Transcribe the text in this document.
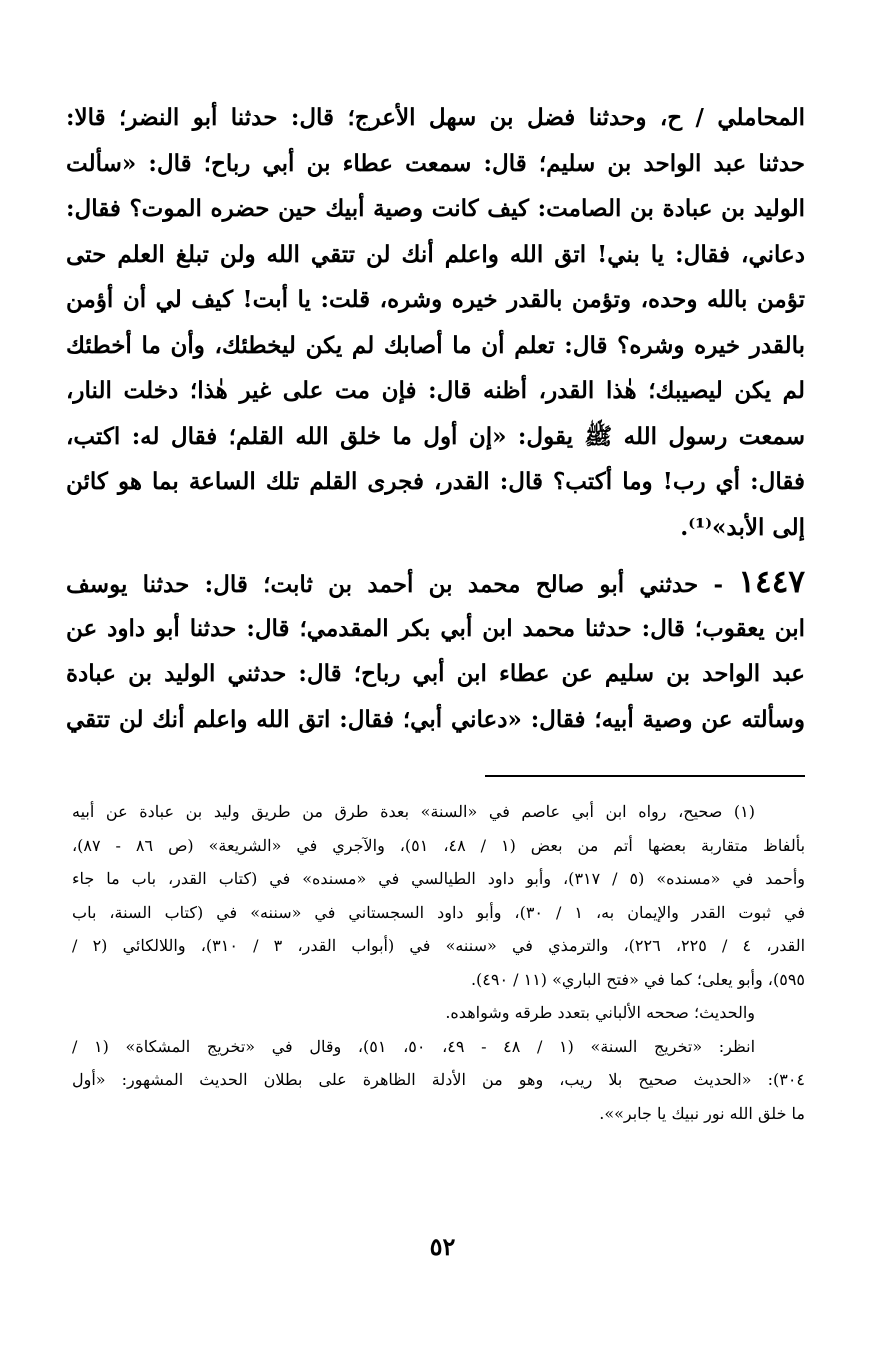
المحاملي / ح، وحدثنا فضل بن سهل الأعرج؛ قال: حدثنا أبو النضر؛ قالا:
حدثنا عبد الواحد بن سليم؛ قال: سمعت عطاء بن أبي رباح؛ قال: «سألت
الوليد بن عبادة بن الصامت: كيف كانت وصية أبيك حين حضره الموت؟ فقال:
دعاني، فقال: يا بني! اتق الله واعلم أنك لن تتقي الله ولن تبلغ العلم حتى
تؤمن بالله وحده، وتؤمن بالقدر خيره وشره، قلت: يا أبت! كيف لي أن أؤمن
بالقدر خيره وشره؟ قال: تعلم أن ما أصابك لم يكن ليخطئك، وأن ما أخطئك
لم يكن ليصيبك؛ هٰذا القدر، أظنه قال: فإن مت على غير هٰذا؛ دخلت النار،
سمعت رسول الله ﷺ يقول: «إن أول ما خلق الله القلم؛ فقال له: اكتب،
فقال: أي رب! وما أكتب؟ قال: القدر، فجرى القلم تلك الساعة بما هو كائن
إلى الأبد»⁽¹⁾.
١٤٤٧ - حدثني أبو صالح محمد بن أحمد بن ثابت؛ قال: حدثنا يوسف
ابن يعقوب؛ قال: حدثنا محمد ابن أبي بكر المقدمي؛ قال: حدثنا أبو داود عن
عبد الواحد بن سليم عن عطاء ابن أبي رباح؛ قال: حدثني الوليد بن عبادة
وسألته عن وصية أبيه؛ فقال: «دعاني أبي؛ فقال: اتق الله واعلم أنك لن تتقي
(١) صحيح، رواه ابن أبي عاصم في «السنة» بعدة طرق من طريق وليد بن عبادة عن أبيه
بألفاظ متقاربة بعضها أتم من بعض (١ / ٤٨، ٥١)، والآجري في «الشريعة» (ص ٨٦ - ٨٧)،
وأحمد في «مسنده» (٥ / ٣١٧)، وأبو داود الطيالسي في «مسنده» في (كتاب القدر، باب ما جاء
في ثبوت القدر والإيمان به، ١ / ٣٠)، وأبو داود السجستاني في «سننه» في (كتاب السنة، باب
القدر، ٤ / ٢٢٥، ٢٢٦)، والترمذي في «سننه» في (أبواب القدر، ٣ / ٣١٠)، واللالكائي (٢ /
٥٩٥)، وأبو يعلى؛ كما في «فتح الباري» (١١ / ٤٩٠).
والحديث؛ صححه الألباني بتعدد طرقه وشواهده.
انظر: «تخريج السنة» (١ / ٤٨ - ٤٩، ٥٠، ٥١)، وقال في «تخريج المشكاة» (١ /
٣٠٤): «الحديث صحيح بلا ريب، وهو من الأدلة الظاهرة على بطلان الحديث المشهور: «أول
ما خلق الله نور نبيك يا جابر»».
٥٢
